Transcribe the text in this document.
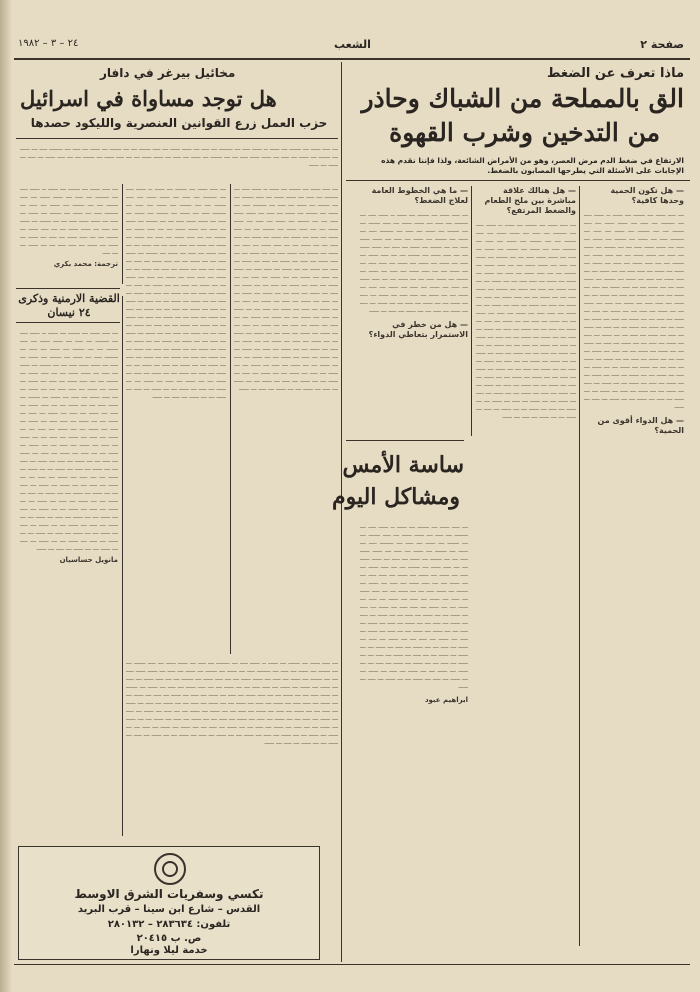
صفحة ٢
الشعب
٢٤ – ٣ – ١٩٨٢
ماذا تعرف عن الضغط
الق بالمملحة من الشباك وحاذر
من التدخين وشرب القهوة
الارتفاع في ضغط الدم مرض العصر، وهو من الأمراض الشائعة، ولذا فإننا نقدم هذه الإجابات على الأسئلة التي يطرحها المصابون بالضغط.
— هل تكون الحمية وحدها كافية؟
ـــ ــــ ـــــ ـــ ــــــ ـــ ـــــ ــ ـــــ ــــ ـــ ـــــــ ـــ ــــ ـــ ـــــ ـــــ ـــ ــــ ــــــ ـــ ـــ ــــــ ـــ ـــــ ـــ ــــ ـــ ـــــــ ــــ ـــ ـــــ ـــ ــــــ ـــ ـــــ ـــ ــــ ـــ ـــــ ـــــ ــــ ـــ ـــ ــــــ ـــ ـــــ ـــ ــــ ـــ ـــــ ـــــ ـــ ـــ ــــ ـــــ ـــ ــــــ ـــ ـــ ــــ ـــــ ـــ ــــ ـــ ـــــ ـــ ـــــ ـــ ـــــ ـــ ــــ ــــ ـــ ـــ ـــــ ـــ ـــ ــــ ـــــ ـــ ــــ ـــ ـــــ ـــ ــــــ ـــ ـــــ ــــ ـــ ـــ ـــــ ـــ ـــ ــــ ـــــ ـــ ــــ ـــ ـــــ ـــ ــــ ـــ ـــــ ـــ ــــ ـــ ـــــ ـــ ـــ ـــــ ـــ ــــ ــــ ـــ ـــــ ـــ ــــ ـــ ـــــ ـــ ـــ ـــــ ـــ ــــ ـــ ـــ ـــــ ـــ ــــ ـــ ـــــ ـــ ــــ ـــ ـــ ـــــ ـــ ــــ ـــ ـــــ ـــ ــــ ـــ ـــ ـــــ ـــ ـــــ ـــ ـــ ــــ ـــ ـــــ ـــ ــــ ـــ ـــــ ـــ ــــ ـــ ـــ ـــــ ـــ ــــ ـــ ـــــ ـــ ــــ ـــ ـــ ـــــ ـــ ــــ ـــ ـــــ ـــ ـــ ـــــ ـــ ـــــ ـــ ـــ ــــ ـــ ـــــ ـــ ــــ ـــ ـــ ـــــ ـــ ــــ ـــ ـــ ـــــ ـــ ـــــ ـــ ــــ ـــ ـــ ـــــ ـــ ـــــ ـــ ـــ ـــــ ـــ ــــ ـــ ـــــ ـــ ـــ ـــــ ـــ ــــ ـــ ـــــ ـــ ـــ ـــــ ـــ ــــ ـــ ـــــ ـــ ـــ ـــــ ـــ ــــ ـــ ـــــ ـــ ـــ ـــــ ـــ ــــ ـــ ـــــ ـــ ـــ ـــــ ـــ ــــ ـــ ـــــ ـــ ـــ ـــــ ـــ ــــ ـــ ـــــ
— هل الدواء أقوى من الحمية؟
— هل هنالك علاقة مباشرة بين ملح الطعام والضغط المرتفع؟
ـــ ــــ ـــــ ـــ ــــــ ـــ ـــــ ــ ـــــ ــــ ـــ ـــــــ ـــ ــــ ـــ ـــــ ـــــ ـــ ــــ ــــــ ـــ ـــ ــــــ ـــ ـــــ ـــ ــــ ـــ ـــــــ ــــ ـــ ـــــ ـــ ــــــ ـــ ـــــ ـــ ــــ ـــ ـــــ ـــــ ــــ ـــ ـــ ــــــ ـــ ـــــ ـــ ــــ ـــ ـــــ ـــــ ـــ ـــ ــــ ـــــ ـــ ــــــ ـــ ـــ ــــ ـــــ ـــ ــــ ـــ ـــــ ـــ ـــــ ـــ ـــــ ـــ ــــ ــــ ـــ ـــ ـــــ ـــ ـــ ــــ ـــــ ـــ ــــ ـــ ـــــ ـــ ــــــ ـــ ـــــ ــــ ـــ ـــ ـــــ ـــ ـــ ــــ ـــــ ـــ ــــ ـــ ـــــ ـــ ــــ ـــ ـــــ ـــ ــــ ـــ ـــــ ـــ ـــ ـــــ ـــ ــــ ــــ ـــ ـــــ ـــ ــــ ـــ ـــــ ـــ ـــ ـــــ ـــ ــــ ـــ ـــ ـــــ ـــ ــــ ـــ ـــــ ـــ ــــ ـــ ـــ ـــــ ـــ ــــ ـــ ـــــ ـــ ــــ ـــ ـــ ـــــ ـــ ـــــ ـــ ـــ ــــ ـــ ـــــ ـــ ــــ ـــ ـــــ ـــ ــــ ـــ ـــ ـــــ ـــ ــــ ـــ ـــــ ـــ ــــ ـــ ـــ ـــــ ـــ ــــ ـــ ـــــ ـــ ـــ ـــــ ـــ ـــــ ـــ ـــ ــــ ـــ ـــــ ـــ ــــ ـــ ـــ ـــــ ـــ ــــ ـــ ـــ ـــــ ـــ ـــــ ـــ ــــ ـــ ـــ ـــــ ـــ ـــــ ـــ ـــ ـــــ ـــ ــــ ـــ ـــــ ـــ ـــ ـــــ ـــ ــــ ـــ ـــــ ـــ ـــ ـــــ ـــ ــــ ـــ ـــــ ـــ ـــ ـــــ ـــ ــــ ـــ ـــــ ـــ ـــ ـــــ ـــ ــــ ـــ ـــــ ـــ ـــ ـــــ ـــ ــــ ـــ ـــــ ـــ ـــ ـــــ ـــ ــــ ـــ ـــــ ـــ ـــ ـــــ ـــ ــــ ـــ ـــــ
— ما هي الخطوط العامة لعلاج الضغط؟
ـــ ــــ ـــــ ـــ ــــــ ـــ ـــــ ــ ـــــ ــــ ـــ ـــــــ ـــ ــــ ـــ ـــــ ـــــ ـــ ــــ ــــــ ـــ ـــ ــــــ ـــ ـــــ ـــ ــــ ـــ ـــــــ ــــ ـــ ـــــ ـــ ــــــ ـــ ـــــ ـــ ــــ ـــ ـــــ ـــــ ــــ ـــ ـــ ــــــ ـــ ـــــ ـــ ــــ ـــ ـــــ ـــــ ـــ ـــ ــــ ـــــ ـــ ــــــ ـــ ـــ ــــ ـــــ ـــ ــــ ـــ ـــــ ـــ ـــــ ـــ ـــــ ـــ ــــ ــــ ـــ ـــ ـــــ ـــ ـــ ــــ ـــــ ـــ ــــ ـــ ـــــ ـــ ــــــ ـــ ـــــ ــــ ـــ ـــ ـــــ ـــ ـــ ــــ ـــــ ـــ ــــ ـــ ـــــ ـــ ــــ ـــ ـــــ ـــ ــــ ـــ ـــــ ـــ ـــ ـــــ ـــ ــــ ــــ ـــ ـــــ ـــ ــــ ـــ ـــــ ـــ ـــ ـــــ ـــ ــــ ـــ ـــ ـــــ ـــ ــــ ـــ ـــــ ـــ ــــ ـــ ـــ ـــــ ـــ ــــ ـــ ـــــ
— هل من خطر في الاستمرار بتعاطي الدواء؟
ساسة الأمس
ومشاكل اليوم
ـــ ــــ ـــــ ـــ ــــــ ـــ ـــــ ــ ـــــ ــــ ـــ ـــــــ ـــ ــــ ـــ ـــــ ـــــ ـــ ــــ ــــــ ـــ ـــ ــــــ ـــ ـــــ ـــ ــــ ـــ ـــــــ ــــ ـــ ـــــ ـــ ــــــ ـــ ـــــ ـــ ــــ ـــ ـــــ ـــــ ــــ ـــ ـــ ــــــ ـــ ـــــ ـــ ــــ ـــ ـــــ ـــــ ـــ ـــ ــــ ـــــ ـــ ــــــ ـــ ـــ ــــ ـــــ ـــ ــــ ـــ ـــــ ـــ ـــــ ـــ ـــــ ـــ ــــ ــــ ـــ ـــ ـــــ ـــ ـــ ــــ ـــــ ـــ ــــ ـــ ـــــ ـــ ــــــ ـــ ـــــ ــــ ـــ ـــ ـــــ ـــ ـــ ــــ ـــــ ـــ ــــ ـــ ـــــ ـــ ــــ ـــ ـــــ ـــ ــــ ـــ ـــــ ـــ ـــ ـــــ ـــ ــــ ــــ ـــ ـــــ ـــ ــــ ـــ ـــــ ـــ ـــ ـــــ ـــ ــــ ـــ ـــ ـــــ ـــ ــــ ـــ ـــــ ـــ ــــ ـــ ـــ ـــــ ـــ ــــ ـــ ـــــ ـــ ــــ ـــ ـــ ـــــ ـــ ـــــ ـــ ـــ ــــ ـــ ـــــ ـــ ــــ ـــ ـــــ ـــ ــــ ـــ ـــ ـــــ ـــ ــــ ـــ ـــــ ـــ ــــ ـــ ـــ ـــــ ـــ ــــ ـــ ـــــ ـــ ـــ ـــــ ـــ ـــــ ـــ ـــ ــــ ـــ ـــــ ـــ ــــ ـــ ـــ ـــــ ـــ ــــ ـــ ـــ ـــــ ـــ ـــــ ـــ ــــ ـــ ـــ ـــــ ـــ ـــــ ـــ ـــ ـــــ ـــ ــــ ـــ ـــــ ـــ ـــ ـــــ ـــ ــــ ـــ ـــــ ـــ ـــ ـــــ ـــ ــــ ـــ ـــــ
ابراهيم عبود
مخائيل بيرغر في دافار
هل توجد مساواة في اسرائيل
حزب العمل زرع القوانين العنصرية والليكود حصدها
ـــ ــــ ـــــ ـــ ــــــ ـــ ـــــ ــ ـــــ ــــ ـــ ـــــــ ـــ ــــ ـــ ـــــ ـــــ ـــ ــــ ــــــ ـــ ـــ ــــــ ـــ ـــــ ـــ ــــ ـــ ـــــــ ــــ ـــ ـــــ ـــ ــــــ ـــ ـــــ ـــ ــــ ـــ ـــــ ـــــ ــــ ـــ ـــ ــــــ ـــ ـــــ ـــ ــــ ـــ ـــــ ـــــ ـــ ـــ ــــ ـــــ ـــ ــــــ ـــ ـــ ــــ ـــــ ـــ ــــ ـــ ـــــ ـــ ـــــ
ـــ ــــ ـــــ ـــ ــــــ ـــ ـــــ ــ ـــــ ــــ ـــ ـــــــ ـــ ــــ ـــ ـــــ ـــــ ـــ ــــ ــــــ ـــ ـــ ــــــ ـــ ـــــ ـــ ــــ ـــ ـــــــ ــــ ـــ ـــــ ـــ ــــــ ـــ ـــــ ـــ ــــ ـــ ـــــ ـــــ ــــ ـــ ـــ ــــــ ـــ ـــــ ـــ ــــ ـــ ـــــ ـــــ ـــ ـــ ــــ ـــــ ـــ ــــــ ـــ ـــ ــــ ـــــ ـــ ــــ ـــ ـــــ ـــ ـــــ ـــ ـــــ ـــ ــــ ــــ ـــ ـــ ـــــ ـــ ـــ ــــ ـــــ ـــ ــــ ـــ ـــــ ـــ ــــــ ـــ ـــــ ــــ ـــ ـــ ـــــ ـــ ـــ ــــ ـــــ ـــ ــــ ـــ ـــــ ـــ ــــ ـــ ـــــ ـــ ــــ ـــ ـــــ ـــ ـــ ـــــ ـــ ــــ ــــ ـــ ـــــ ـــ ــــ ـــ ـــــ ـــ ـــ ـــــ ـــ ــــ ـــ ـــ ـــــ ـــ ــــ ـــ ـــــ ـــ ــــ ـــ ـــ ـــــ ـــ ــــ ـــ ـــــ ـــ ــــ ـــ ـــ ـــــ ـــ ـــــ ـــ ـــ ــــ ـــ ـــــ ـــ ــــ ـــ ـــــ ـــ ــــ ـــ ـــ ـــــ ـــ ــــ ـــ ـــــ ـــ ــــ ـــ ـــ ـــــ ـــ ــــ ـــ ـــــ ـــ ـــ ـــــ ـــ ـــــ ـــ ـــ ــــ ـــ ـــــ ـــ ــــ ـــ ـــ ـــــ ـــ ــــ ـــ ـــ ـــــ ـــ ـــــ ـــ ــــ ـــ ـــ ـــــ ـــ ـــــ ـــ ـــ ـــــ ـــ ــــ ـــ ـــــ ـــ ـــ ـــــ ـــ ــــ ـــ ـــــ ـــ ـــ ـــــ ـــ ــــ ـــ ـــــ ـــ ـــ ـــــ ـــ ــــ ـــ ـــــ ـــ ـــ ـــــ ـــ ــــ ـــ ـــــ ـــ ـــ ـــــ ـــ ــــ ـــ ـــــ ـــ ـــ ـــــ ـــ ــــ ـــ ـــــ ـــ ـــ ـــــ ـــ ــــ ـــ ـــــ ـــ ـــ ـــــ ـــ ــــ ـــ ـــــ ـــ ـــ ـــــ ـــ ــــ ـــ ـــــ ـــ ـــ ـــــ ـــ ــــ ـــ ـــــ
ـــ ــــ ـــــ ـــ ــــــ ـــ ـــــ ــ ـــــ ــــ ـــ ـــــــ ـــ ــــ ـــ ـــــ ـــــ ـــ ــــ ــــــ ـــ ـــ ــــــ ـــ ـــــ ـــ ــــ ـــ ـــــــ ــــ ـــ ـــــ ـــ ــــــ ـــ ـــــ ـــ ــــ ـــ ـــــ ـــــ ــــ ـــ ـــ ــــــ ـــ ـــــ ـــ ــــ ـــ ـــــ ـــــ ـــ ـــ ــــ ـــــ ـــ ــــــ ـــ ـــ ــــ ـــــ ـــ ــــ ـــ ـــــ ـــ ـــــ ـــ ـــــ ـــ ــــ ــــ ـــ ـــ ـــــ ـــ ـــ ــــ ـــــ ـــ ــــ ـــ ـــــ ـــ ــــــ ـــ ـــــ ــــ ـــ ـــ ـــــ ـــ ـــ ــــ ـــــ ـــ ــــ ـــ ـــــ ـــ ــــ ـــ ـــــ ـــ ــــ ـــ ـــــ ـــ ـــ ـــــ ـــ ــــ ــــ ـــ ـــــ ـــ ــــ ـــ ـــــ ـــ ـــ ـــــ ـــ ــــ ـــ ـــ ـــــ ـــ ــــ ـــ ـــــ ـــ ــــ ـــ ـــ ـــــ ـــ ــــ ـــ ـــــ ـــ ــــ ـــ ـــ ـــــ ـــ ـــــ ـــ ـــ ــــ ـــ ـــــ ـــ ــــ ـــ ـــــ ـــ ــــ ـــ ـــ ـــــ ـــ ــــ ـــ ـــــ ـــ ــــ ـــ ـــ ـــــ ـــ ــــ ـــ ـــــ ـــ ـــ ـــــ ـــ ـــــ ـــ ـــ ــــ ـــ ـــــ ـــ ــــ ـــ ـــ ـــــ ـــ ــــ ـــ ـــ ـــــ ـــ ـــــ ـــ ــــ ـــ ـــ ـــــ ـــ ـــــ ـــ ـــ ـــــ ـــ ــــ ـــ ـــــ ـــ ـــ ـــــ ـــ ــــ ـــ ـــــ ـــ ـــ ـــــ ـــ ــــ ـــ ـــــ ـــ ـــ ـــــ ـــ ــــ ـــ ـــــ ـــ ـــ ـــــ ـــ ــــ ـــ ـــــ ـــ ـــ ـــــ ـــ ــــ ـــ ـــــ ـــ ـــ ـــــ ـــ ــــ ـــ ـــــ ـــ ـــ ـــــ ـــ ــــ ـــ ـــــ ـــ ـــ ـــــ ـــ ــــ ـــ ـــــ ـــ ـــ ـــــ ـــ ــــ ـــ ـــــ ـــ ـــ ـــــ ـــ ــــ ـــ ـــــ
ـــ ــــ ـــــ ـــ ــــــ ـــ ـــــ ــ ـــــ ــــ ـــ ـــــــ ـــ ــــ ـــ ـــــ ـــــ ـــ ــــ ــــــ ـــ ـــ ــــــ ـــ ـــــ ـــ ــــ ـــ ـــــــ ــــ ـــ ـــــ ـــ ــــــ ـــ ـــــ ـــ ــــ ـــ ـــــ ـــــ ــــ ـــ ـــ ــــــ ـــ ـــــ ـــ ــــ ـــ ـــــ ـــــ ـــ ـــ ــــ ـــــ ـــ ــــــ ـــ ـــ ــــ ـــــ ـــ ــــ ـــ ـــــ ـــ ـــــ ـــ ـــــ ـــ ــــ ــــ ـــ ـــ ـــــ ـــ ـــ ــــ
ترجمة: محمد بكري
القضية الارمنية وذكرى ٢٤ نيسان
ـــ ــــ ـــــ ـــ ــــــ ـــ ـــــ ــ ـــــ ــــ ـــ ـــــــ ـــ ــــ ـــ ـــــ ـــــ ـــ ــــ ــــــ ـــ ـــ ــــــ ـــ ـــــ ـــ ــــ ـــ ـــــــ ــــ ـــ ـــــ ـــ ــــــ ـــ ـــــ ـــ ــــ ـــ ـــــ ـــــ ــــ ـــ ـــ ــــــ ـــ ـــــ ـــ ــــ ـــ ـــــ ـــــ ـــ ـــ ــــ ـــــ ـــ ــــــ ـــ ـــ ــــ ـــــ ـــ ــــ ـــ ـــــ ـــ ـــــ ـــ ـــــ ـــ ــــ ــــ ـــ ـــ ـــــ ـــ ـــ ــــ ـــــ ـــ ــــ ـــ ـــــ ـــ ــــــ ـــ ـــــ ــــ ـــ ـــ ـــــ ـــ ـــ ــــ ـــــ ـــ ــــ ـــ ـــــ ـــ ــــ ـــ ـــــ ـــ ــــ ـــ ـــــ ـــ ـــ ـــــ ـــ ــــ ــــ ـــ ـــــ ـــ ــــ ـــ ـــــ ـــ ـــ ـــــ ـــ ــــ ـــ ـــ ـــــ ـــ ــــ ـــ ـــــ ـــ ــــ ـــ ـــ ـــــ ـــ ــــ ـــ ـــــ ـــ ــــ ـــ ـــ ـــــ ـــ ـــــ ـــ ـــ ــــ ـــ ـــــ ـــ ــــ ـــ ـــــ ـــ ــــ ـــ ـــ ـــــ ـــ ــــ ـــ ـــــ ـــ ــــ ـــ ـــ ـــــ ـــ ــــ ـــ ـــــ ـــ ـــ ـــــ ـــ ـــــ ـــ ـــ ــــ ـــ ـــــ ـــ ــــ ـــ ـــ ـــــ ـــ ــــ ـــ ـــ ـــــ ـــ ـــــ ـــ ــــ ـــ ـــ ـــــ ـــ ـــــ ـــ ـــ ـــــ ـــ ــــ ـــ ـــــ ـــ ـــ ـــــ ـــ ــــ ـــ ـــــ ـــ ـــ ـــــ ـــ ــــ ـــ ـــــ ـــ ـــ ـــــ ـــ ــــ ـــ ـــــ ـــ ـــ ـــــ ـــ ــــ ـــ ـــــ ـــ ـــ ـــــ ـــ ــــ ـــ ـــــ ـــ ـــ ـــــ ـــ ــــ ـــ ـــــ ـــ ـــ ـــــ ـــ ــــ ـــ ـــــ ـــ ـــ ـــــ ـــ ــــ ـــ ـــــ ـــ ـــ ـــــ ـــ ــــ ـــ ـــــ ـــ ـــ ـــــ ـــ ــــ ـــ ـــــ
مانويل حساسيان
ـــ ــــ ـــــ ـــ ــــــ ـــ ـــــ ــ ـــــ ــــ ـــ ـــــــ ـــ ــــ ـــ ـــــ ـــــ ـــ ــــ ــــــ ـــ ـــ ــــــ ـــ ـــــ ـــ ــــ ـــ ـــــــ ــــ ـــ ـــــ ـــ ــــــ ـــ ـــــ ـــ ــــ ـــ ـــــ ـــــ ــــ ـــ ـــ ــــــ ـــ ـــــ ـــ ــــ ـــ ـــــ ـــــ ـــ ـــ ــــ ـــــ ـــ ــــــ ـــ ـــ ــــ ـــــ ـــ ــــ ـــ ـــــ ـــ ـــــ ـــ ـــــ ـــ ــــ ــــ ـــ ـــ ـــــ ـــ ـــ ــــ ـــــ ـــ ــــ ـــ ـــــ ـــ ــــــ ـــ ـــــ ــــ ـــ ـــ ـــــ ـــ ـــ ــــ ـــــ ـــ ــــ ـــ ـــــ ـــ ــــ ـــ ـــــ ـــ ــــ ـــ ـــــ ـــ ـــ ـــــ ـــ ــــ ــــ ـــ ـــــ ـــ ــــ ـــ ـــــ ـــ ـــ ـــــ ـــ ــــ ـــ ـــ ـــــ ـــ ــــ ـــ ـــــ ـــ ــــ ـــ ـــ ـــــ ـــ ــــ ـــ ـــــ ـــ ــــ ـــ ـــ ـــــ ـــ ـــــ ـــ ـــ ــــ ـــ ـــــ ـــ ــــ ـــ ـــــ ـــ ــــ ـــ ـــ ـــــ ـــ ــــ ـــ ـــــ ـــ ــــ ـــ ـــ ـــــ ـــ ــــ ـــ ـــــ ـــ ـــ ـــــ ـــ ـــــ ـــ ـــ ــــ ـــ ـــــ ـــ ــــ ـــ ـــ ـــــ ـــ ــــ ـــ ـــ ـــــ ـــ ـــــ ـــ ــــ ـــ ـــ ـــــ ـــ ـــــ ـــ ـــ ـــــ ـــ ــــ ـــ ـــــ ـــ ـــ ـــــ ـــ ــــ ـــ ـــــ ـــ ـــ ـــــ ـــ ــــ ـــ ـــــ ـــ ـــ ـــــ ـــ ــــ ـــ ـــــ
تكسي وسفريات الشرق الاوسط
القدس – شارع ابن سينا – قرب البريد
تلفون: ٢٨٣٦٣٤ – ٢٨٠١٣٢
ص. ب ٢٠٤١٥
خدمة ليلا ونهارا
